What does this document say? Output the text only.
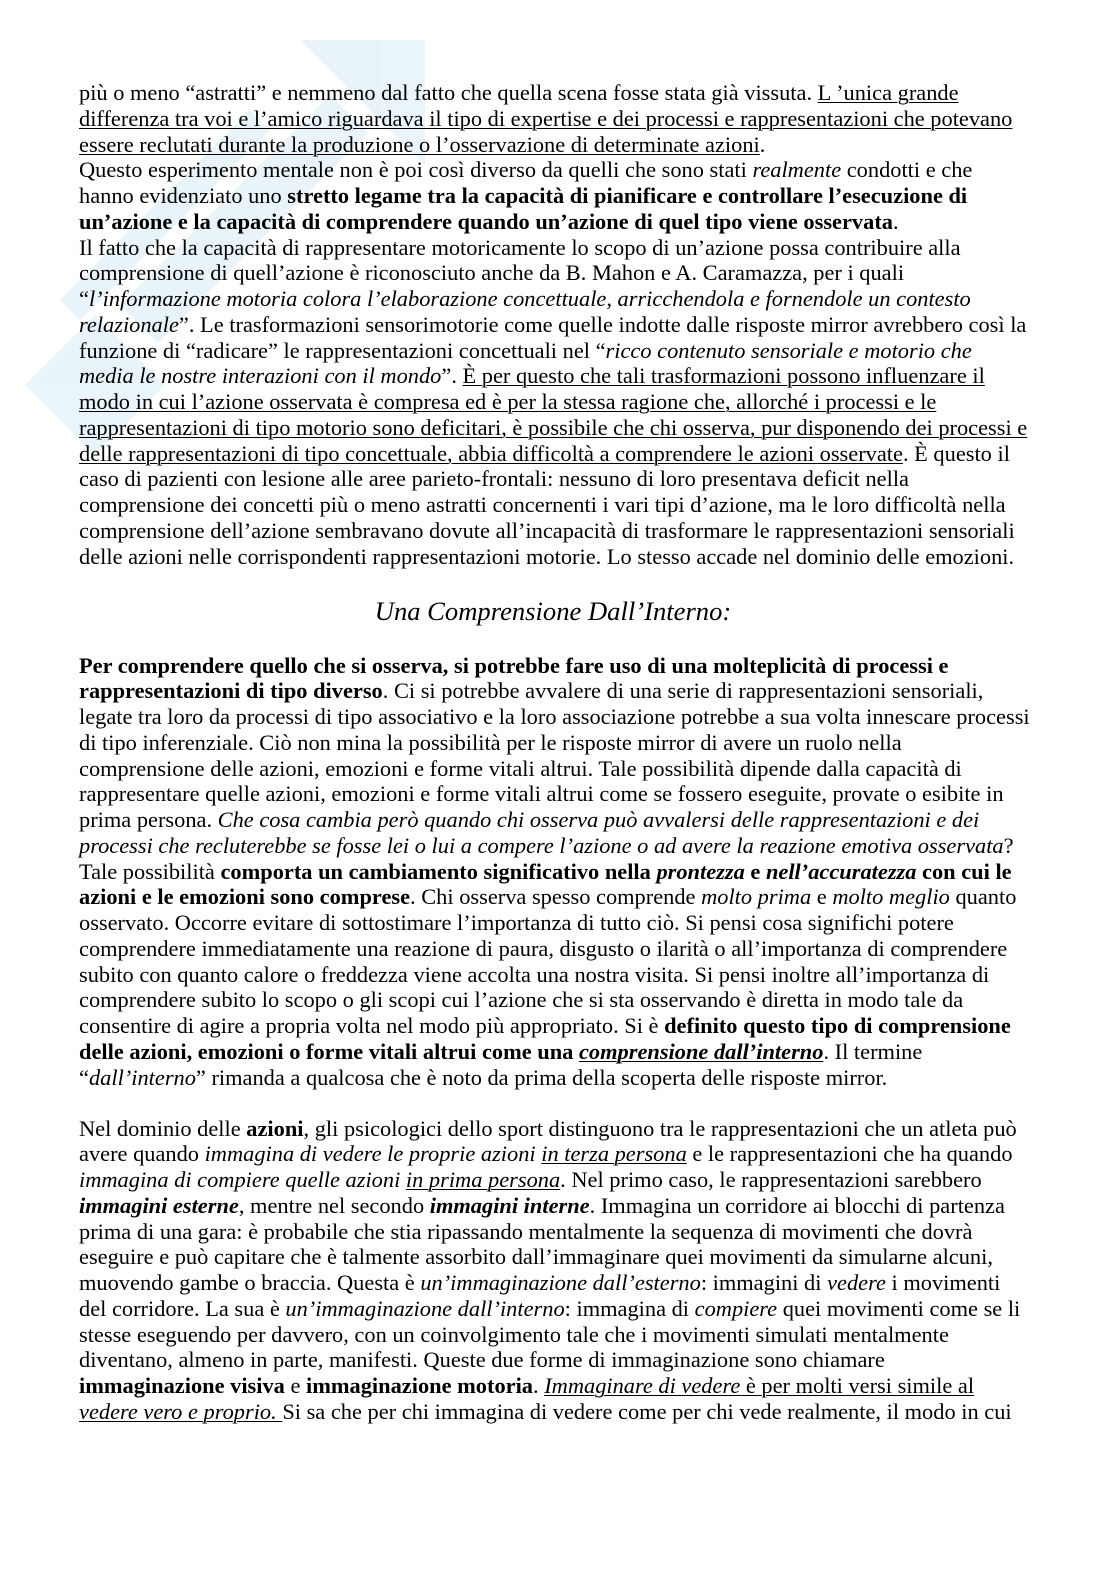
più o meno “astratti” e nemmeno dal fatto che quella scena fosse stata già vissuta. L ’unica grande
differenza tra voi e l’amico riguardava il tipo di expertise e dei processi e rappresentazioni che potevano
essere reclutati durante la produzione o l’osservazione di determinate azioni.
Questo esperimento mentale non è poi così diverso da quelli che sono stati realmente condotti e che
hanno evidenziato uno stretto legame tra la capacità di pianificare e controllare l’esecuzione di
un’azione e la capacità di comprendere quando un’azione di quel tipo viene osservata.
Il fatto che la capacità di rappresentare motoricamente lo scopo di un’azione possa contribuire alla
comprensione di quell’azione è riconosciuto anche da B. Mahon e A. Caramazza, per i quali
“l’informazione motoria colora l’elaborazione concettuale, arricchendola e fornendole un contesto
relazionale”. Le trasformazioni sensorimotorie come quelle indotte dalle risposte mirror avrebbero così la
funzione di “radicare” le rappresentazioni concettuali nel “ricco contenuto sensoriale e motorio che
media le nostre interazioni con il mondo”. È per questo che tali trasformazioni possono influenzare il
modo in cui l’azione osservata è compresa ed è per la stessa ragione che, allorché i processi e le
rappresentazioni di tipo motorio sono deficitari, è possibile che chi osserva, pur disponendo dei processi e
delle rappresentazioni di tipo concettuale, abbia difficoltà a comprendere le azioni osservate. È questo il
caso di pazienti con lesione alle aree parieto-frontali: nessuno di loro presentava deficit nella
comprensione dei concetti più o meno astratti concernenti i vari tipi d’azione, ma le loro difficoltà nella
comprensione dell’azione sembravano dovute all’incapacità di trasformare le rappresentazioni sensoriali
delle azioni nelle corrispondenti rappresentazioni motorie. Lo stesso accade nel dominio delle emozioni.
Una Comprensione Dall’Interno:
Per comprendere quello che si osserva, si potrebbe fare uso di una molteplicità di processi e
rappresentazioni di tipo diverso. Ci si potrebbe avvalere di una serie di rappresentazioni sensoriali,
legate tra loro da processi di tipo associativo e la loro associazione potrebbe a sua volta innescare processi
di tipo inferenziale. Ciò non mina la possibilità per le risposte mirror di avere un ruolo nella
comprensione delle azioni, emozioni e forme vitali altrui. Tale possibilità dipende dalla capacità di
rappresentare quelle azioni, emozioni e forme vitali altrui come se fossero eseguite, provate o esibite in
prima persona. Che cosa cambia però quando chi osserva può avvalersi delle rappresentazioni e dei
processi che recluterebbe se fosse lei o lui a compere l’azione o ad avere la reazione emotiva osservata?
Tale possibilità comporta un cambiamento significativo nella prontezza e nell’accuratezza con cui le
azioni e le emozioni sono comprese. Chi osserva spesso comprende molto prima e molto meglio quanto
osservato. Occorre evitare di sottostimare l’importanza di tutto ciò. Si pensi cosa significhi potere
comprendere immediatamente una reazione di paura, disgusto o ilarità o all’importanza di comprendere
subito con quanto calore o freddezza viene accolta una nostra visita. Si pensi inoltre all’importanza di
comprendere subito lo scopo o gli scopi cui l’azione che si sta osservando è diretta in modo tale da
consentire di agire a propria volta nel modo più appropriato. Si è definito questo tipo di comprensione
delle azioni, emozioni o forme vitali altrui come una comprensione dall’interno. Il termine
“dall’interno” rimanda a qualcosa che è noto da prima della scoperta delle risposte mirror.
Nel dominio delle azioni, gli psicologici dello sport distinguono tra le rappresentazioni che un atleta può
avere quando immagina di vedere le proprie azioni in terza persona e le rappresentazioni che ha quando
immagina di compiere quelle azioni in prima persona. Nel primo caso, le rappresentazioni sarebbero
immagini esterne, mentre nel secondo immagini interne. Immagina un corridore ai blocchi di partenza
prima di una gara: è probabile che stia ripassando mentalmente la sequenza di movimenti che dovrà
eseguire e può capitare che è talmente assorbito dall’immaginare quei movimenti da simularne alcuni,
muovendo gambe o braccia. Questa è un’immaginazione dall’esterno: immagini di vedere i movimenti
del corridore. La sua è un’immaginazione dall’interno: immagina di compiere quei movimenti come se li
stesse eseguendo per davvero, con un coinvolgimento tale che i movimenti simulati mentalmente
diventano, almeno in parte, manifesti. Queste due forme di immaginazione sono chiamare
immaginazione visiva e immaginazione motoria. Immaginare di vedere è per molti versi simile al
vedere vero e proprio. Si sa che per chi immagina di vedere come per chi vede realmente, il modo in cui
